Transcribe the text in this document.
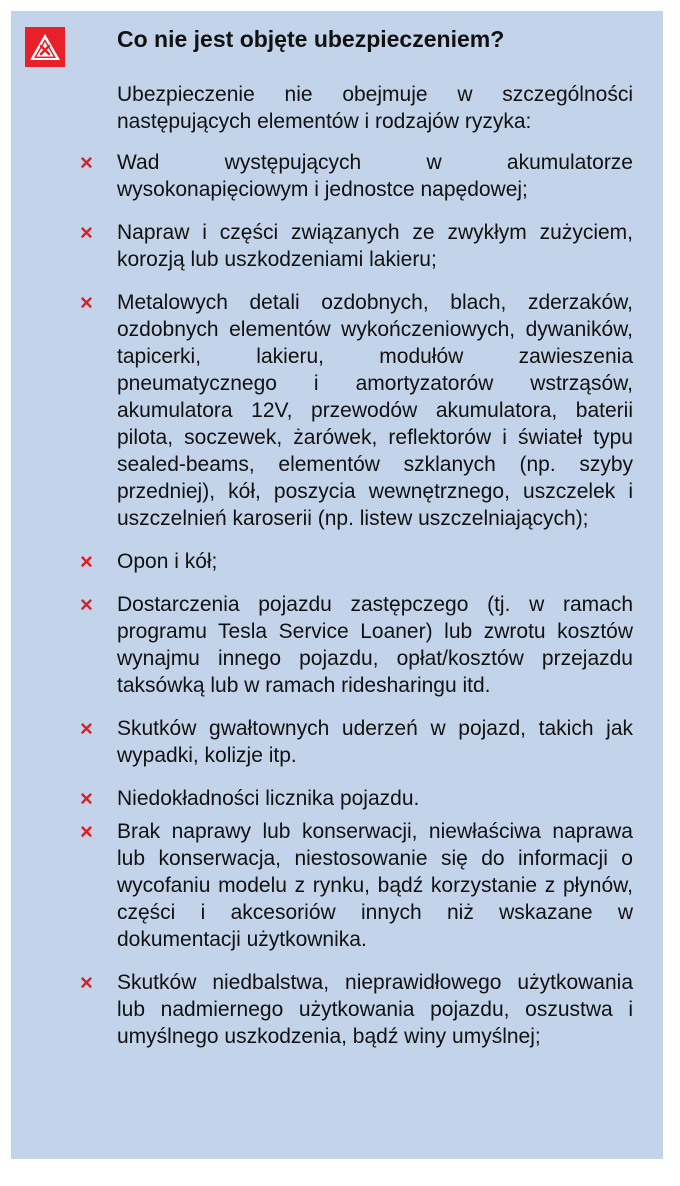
Co nie jest objęte ubezpieczeniem?

Ubezpieczenie nie obejmuje w szczególności następujących elementów i rodzajów ryzyka:

× Wad występujących w akumulatorze wysokonapięciowym i jednostce napędowej;
× Napraw i części związanych ze zwykłym zużyciem, korozją lub uszkodzeniami lakieru;
× Metalowych detali ozdobnych, blach, zderzaków, ozdobnych elementów wykończeniowych, dywaników, tapicerki, lakieru, modułów zawieszenia pneumatycznego i amortyzatorów wstrząsów, akumulatora 12V, przewodów akumulatora, baterii pilota, soczewek, żarówek, reflektorów i świateł typu sealed-beams, elementów szklanych (np. szyby przedniej), kół, poszycia wewnętrznego, uszczelek i uszczelnień karoserii (np. listew uszczelniających);
× Opon i kół;
× Dostarczenia pojazdu zastępczego (tj. w ramach programu Tesla Service Loaner) lub zwrotu kosztów wynajmu innego pojazdu, opłat/kosztów przejazdu taksówką lub w ramach ridesharingu itd.
× Skutków gwałtownych uderzeń w pojazd, takich jak wypadki, kolizje itp.
× Niedokładności licznika pojazdu.
× Brak naprawy lub konserwacji, niewłaściwa naprawa lub konserwacja, niestosowanie się do informacji o wycofaniu modelu z rynku, bądź korzystanie z płynów, części i akcesoriów innych niż wskazane w dokumentacji użytkownika.
× Skutków niedbalstwa, nieprawidłowego użytkowania lub nadmiernego użytkowania pojazdu, oszustwa i umyślnego uszkodzenia, bądź winy umyślnej;
